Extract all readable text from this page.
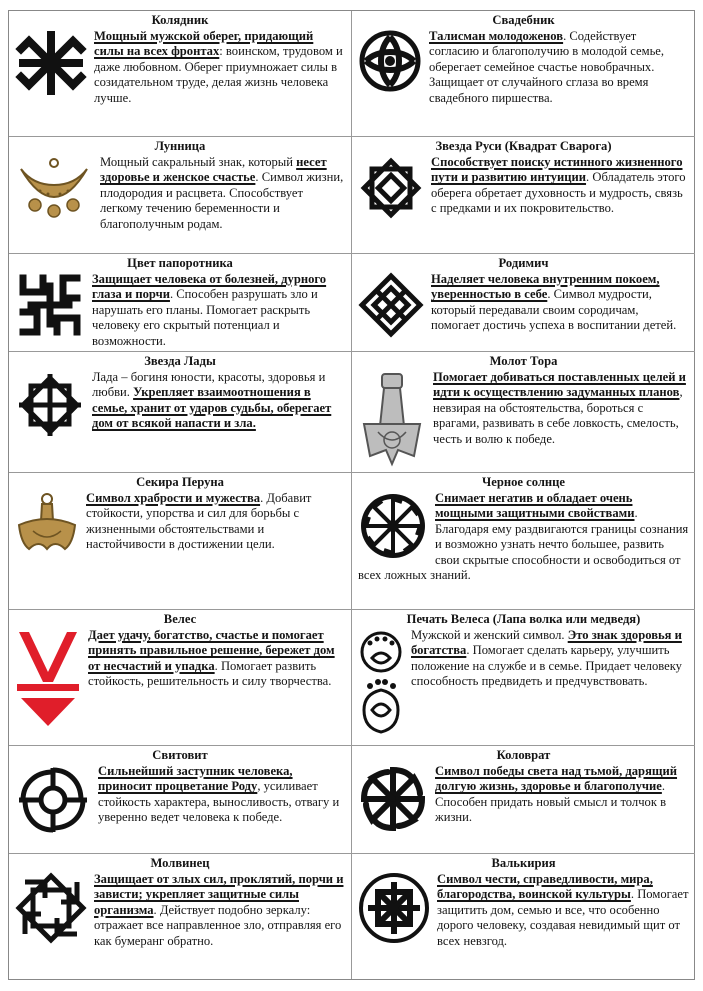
Колядник
Мощный мужской оберег, придающий силы на всех фронтах: воинском, трудовом и даже любовном. Оберег приумножает силы в созидательном труде, делая жизнь человека лучше.
Свадебник
Талисман молодоженов. Содействует согласию и благополучию в молодой семье, оберегает семейное счастье новобрачных. Защищает от случайного сглаза во время свадебного пиршества.
Лунница
Мощный сакральный знак, который несет здоровье и женское счастье. Символ жизни, плодородия и расцвета. Способствует легкому течению беременности и благополучным родам.
Звезда Руси (Квадрат Сварога)
Способствует поиску истинного жизненного пути и развитию интуиции. Обладатель этого оберега обретает духовность и мудрость, связь с предками и их покровительство.
Цвет папоротника
Защищает человека от болезней, дурного глаза и порчи. Способен разрушать зло и нарушать его планы. Помогает раскрыть человеку его скрытый потенциал и возможности.
Родимич
Наделяет человека внутренним покоем, уверенностью в себе. Символ мудрости, который передавали своим сородичам, помогает достичь успеха в воспитании детей.
Звезда Лады
Лада – богиня юности, красоты, здоровья и любви. Укрепляет взаимоотношения в семье, хранит от ударов судьбы, оберегает дом от всякой напасти и зла.
Молот Тора
Помогает добиваться поставленных целей и идти к осуществлению задуманных планов, невзирая на обстоятельства, бороться с врагами, развивать в себе ловкость, смелость, честь и волю к победе.
Секира Перуна
Символ храбрости и мужества. Добавит стойкости, упорства и сил для борьбы с жизненными обстоятельствами и настойчивости в достижении цели.
Черное солнце
Снимает негатив и обладает очень мощными защитными свойствами. Благодаря ему раздвигаются границы сознания и возможно узнать нечто большее, развить свои скрытые способности и освободиться от всех ложных знаний.
Велес
Дает удачу, богатство, счастье и помогает принять правильное решение, бережет дом от несчастий и упадка. Помогает развить стойкость, решительность и силу творчества.
Печать Велеса (Лапа волка или медведя)
Мужской и женский символ. Это знак здоровья и богатства. Помогает сделать карьеру, улучшить положение на службе и в семье. Придает человеку способность предвидеть и предчувствовать.
Свитовит
Сильнейший заступник человека, приносит процветание Роду, усиливает стойкость характера, выносливость, отвагу и уверенно ведет человека к победе.
Коловрат
Символ победы света над тьмой, дарящий долгую жизнь, здоровье и благополучие. Способен придать новый смысл и толчок в жизни.
Молвинец
Защищает от злых сил, проклятий, порчи и зависти; укрепляет защитные силы организма. Действует подобно зеркалу: отражает все направленное зло, отправляя его как бумеранг обратно.
Валькирия
Символ чести, справедливости, мира, благородства, воинской культуры. Помогает защитить дом, семью и все, что особенно дорого человеку, создавая невидимый щит от всех невзгод.
